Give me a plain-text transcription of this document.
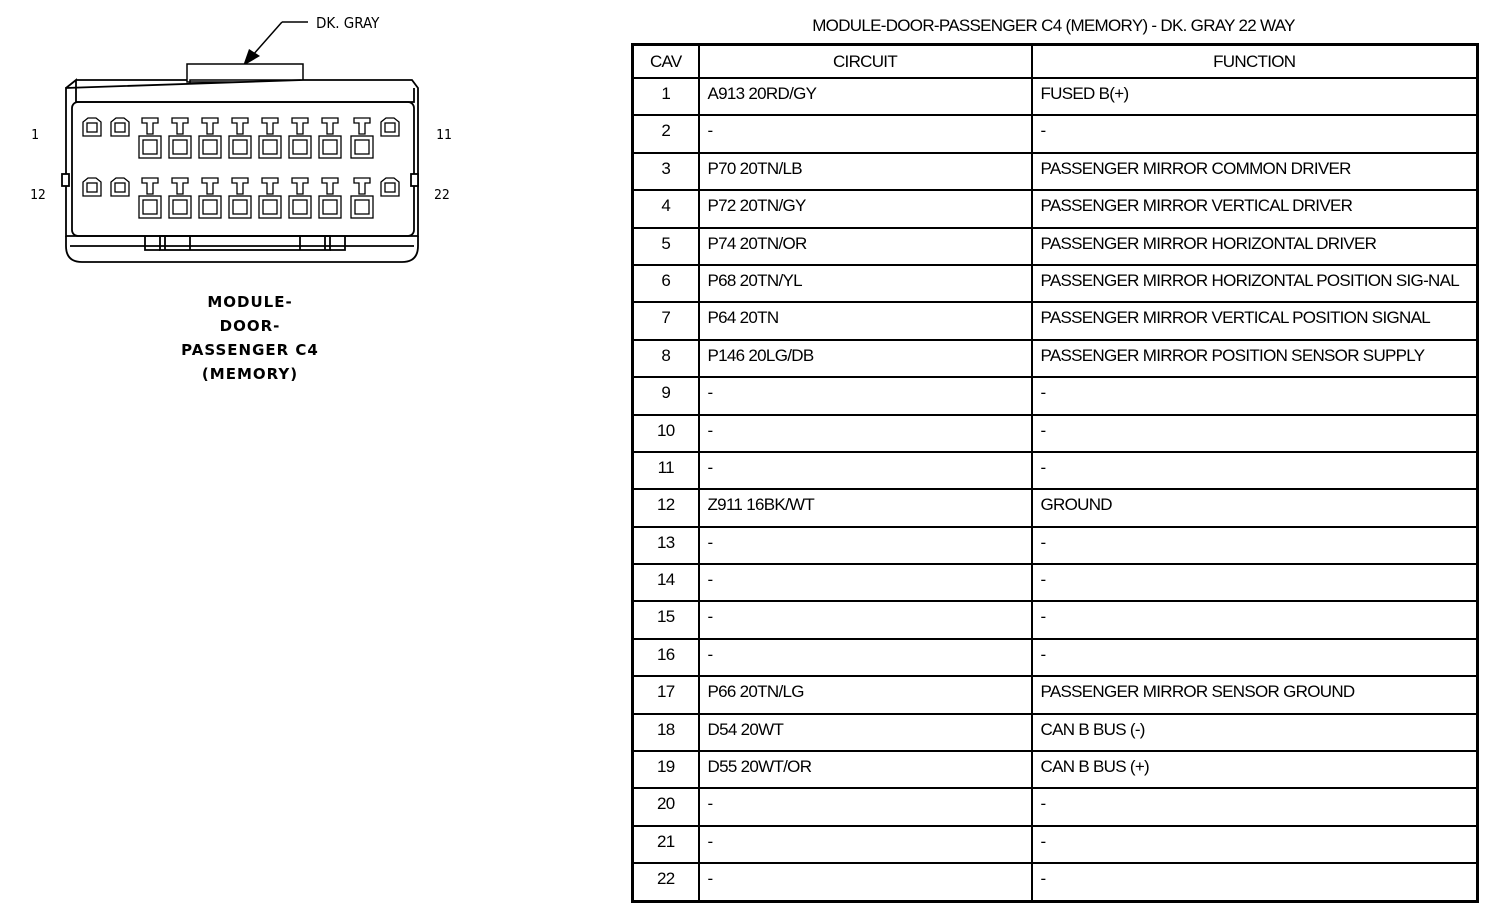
DK. GRAY
1	11
12	22
MODULE-
DOOR-
PASSENGER C4
(MEMORY)
MODULE-DOOR-PASSENGER C4 (MEMORY) - DK. GRAY 22 WAY
CAV	CIRCUIT	FUNCTION
1	A913 20RD/GY	FUSED B(+)
2	-	-
3	P70 20TN/LB	PASSENGER MIRROR COMMON DRIVER
4	P72 20TN/GY	PASSENGER MIRROR VERTICAL DRIVER
5	P74 20TN/OR	PASSENGER MIRROR HORIZONTAL DRIVER
6	P68 20TN/YL	PASSENGER MIRROR HORIZONTAL POSITION SIG-NAL
7	P64 20TN	PASSENGER MIRROR VERTICAL POSITION SIGNAL
8	P146 20LG/DB	PASSENGER MIRROR POSITION SENSOR SUPPLY
9	-	-
10	-	-
11	-	-
12	Z911 16BK/WT	GROUND
13	-	-
14	-	-
15	-	-
16	-	-
17	P66 20TN/LG	PASSENGER MIRROR SENSOR GROUND
18	D54 20WT	CAN B BUS (-)
19	D55 20WT/OR	CAN B BUS (+)
20	-	-
21	-	-
22	-	-
